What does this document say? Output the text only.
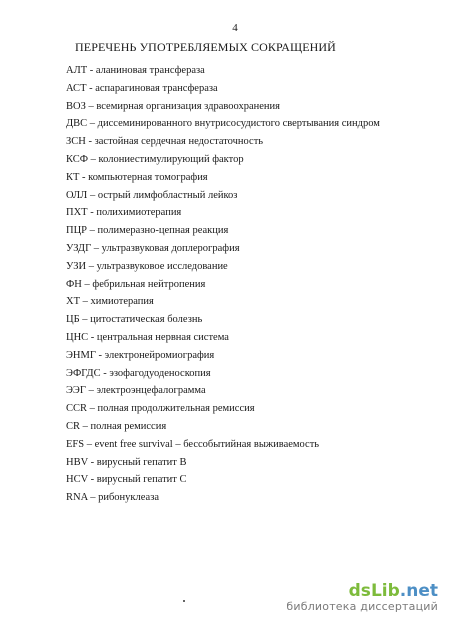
4
ПЕРЕЧЕНЬ УПОТРЕБЛЯЕМЫХ СОКРАЩЕНИЙ
АЛТ - аланиновая трансфераза
АСТ - аспарагиновая трансфераза
ВОЗ – всемирная организация здравоохранения
ДВС – диссеминированного внутрисосудистого свертывания синдром
ЗСН - застойная сердечная недостаточность
КСФ – колониестимулирующий фактор
КТ - компьютерная томография
ОЛЛ – острый лимфобластный лейкоз
ПХТ - полихимиотерапия
ПЦР – полимеразно-цепная реакция
УЗДГ – ультразвуковая доплерография
УЗИ – ультразвуковое исследование
ФН – фебрильная нейтропения
ХТ – химиотерапия
ЦБ – цитостатическая болезнь
ЦНС - центральная нервная система
ЭНМГ - электронейромиография
ЭФГДС - эзофагодуоденоскопия
ЭЭГ – электроэнцефалограмма
CCR – полная продолжительная ремиссия
CR – полная ремиссия
EFS – event free survival – бессобытийная выживаемость
HBV - вирусный гепатит В
HCV - вирусный гепатит С
RNA – рибонуклеаза
dsLib.net
библиотека диссертаций
